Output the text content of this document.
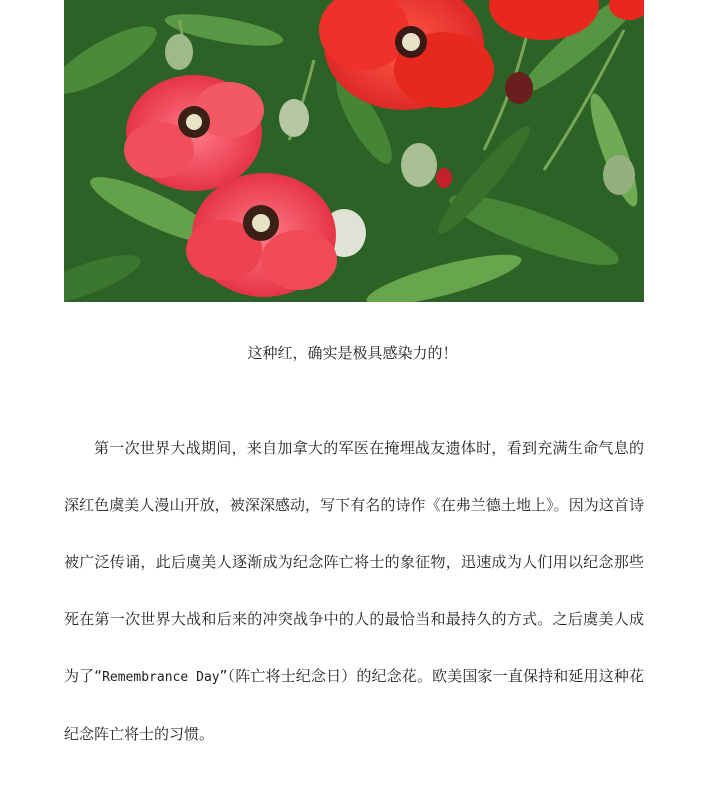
这种红，确实是极具感染力的！

第一次世界大战期间，来自加拿大的军医在掩埋战友遗体时，看到充满生命气息的深红色虞美人漫山开放，被深深感动，写下有名的诗作《在弗兰德土地上》。因为这首诗被广泛传诵，此后虞美人逐渐成为纪念阵亡将士的象征物，迅速成为人们用以纪念那些死在第一次世界大战和后来的冲突战争中的人的最恰当和最持久的方式。之后虞美人成为了“Remembrance Day”（阵亡将士纪念日）的纪念花。欧美国家一直保持和延用这种花纪念阵亡将士的习惯。
